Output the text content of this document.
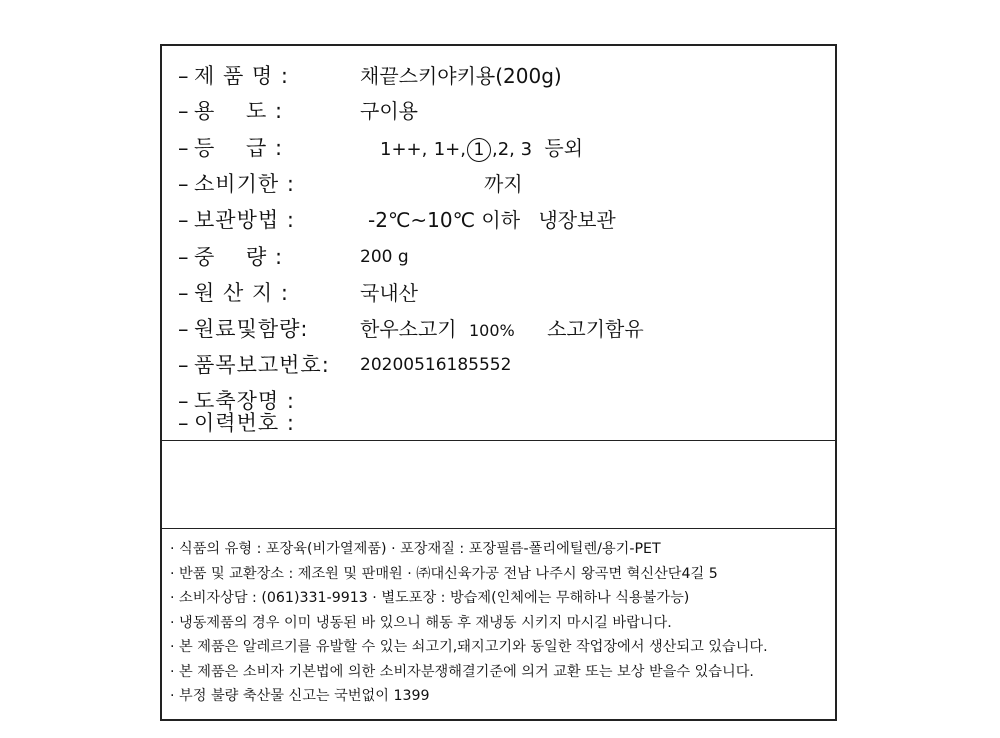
– 제 품 명 :	채끝스키야키용(200g)
– 용    도 :	구이용
– 등    급 :	1++, 1+, 1 ,2, 3 등외
– 소비기한 :	까지
– 보관방법 :	-2℃~10℃ 이하 냉장보관
– 중    량 :	200 g
– 원 산 지 :	국내산
– 원료및함량:	한우소고기 100% 소고기함유
– 품목보고번호: 20200516185552
– 도축장명 :
– 이력번호 :
· 식품의 유형 : 포장육(비가열제품) · 포장재질 : 포장필름-폴리에틸렌/용기-PET
· 반품 및 교환장소 : 제조원 및 판매원 · ㈜대신육가공 전남 나주시 왕곡면 혁신산단4길 5
· 소비자상담 : (061)331-9913 · 별도포장 : 방습제(인체에는 무해하나 식용불가능)
· 냉동제품의 경우 이미 냉동된 바 있으니 해동 후 재냉동 시키지 마시길 바랍니다.
· 본 제품은 알레르기를 유발할 수 있는 쇠고기,돼지고기와 동일한 작업장에서 생산되고 있습니다.
· 본 제품은 소비자 기본법에 의한 소비자분쟁해결기준에 의거 교환 또는 보상 받을수 있습니다.
· 부정 불량 축산물 신고는 국번없이 1399
